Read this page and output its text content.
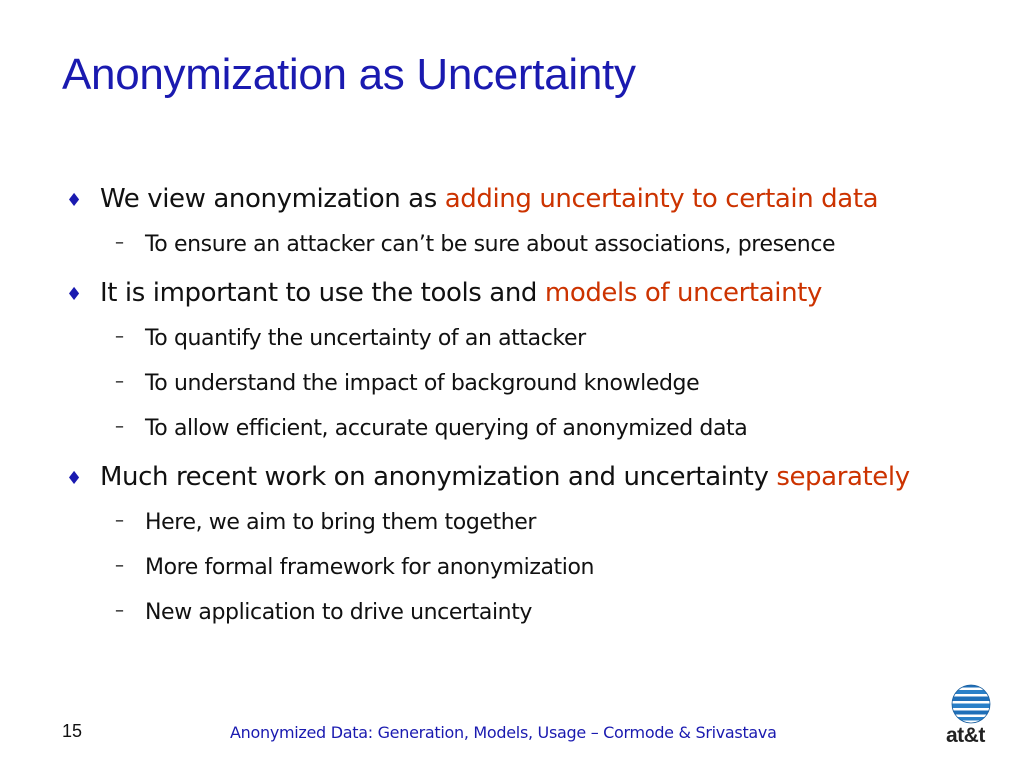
Anonymization as Uncertainty
♦ We view anonymization as adding uncertainty to certain data
– To ensure an attacker can’t be sure about associations, presence
♦ It is important to use the tools and models of uncertainty
– To quantify the uncertainty of an attacker
– To understand the impact of background knowledge
– To allow efficient, accurate querying of anonymized data
♦ Much recent work on anonymization and uncertainty separately
– Here, we aim to bring them together
– More formal framework for anonymization
– New application to drive uncertainty
15	Anonymized Data: Generation, Models, Usage – Cormode & Srivastava	at&t
